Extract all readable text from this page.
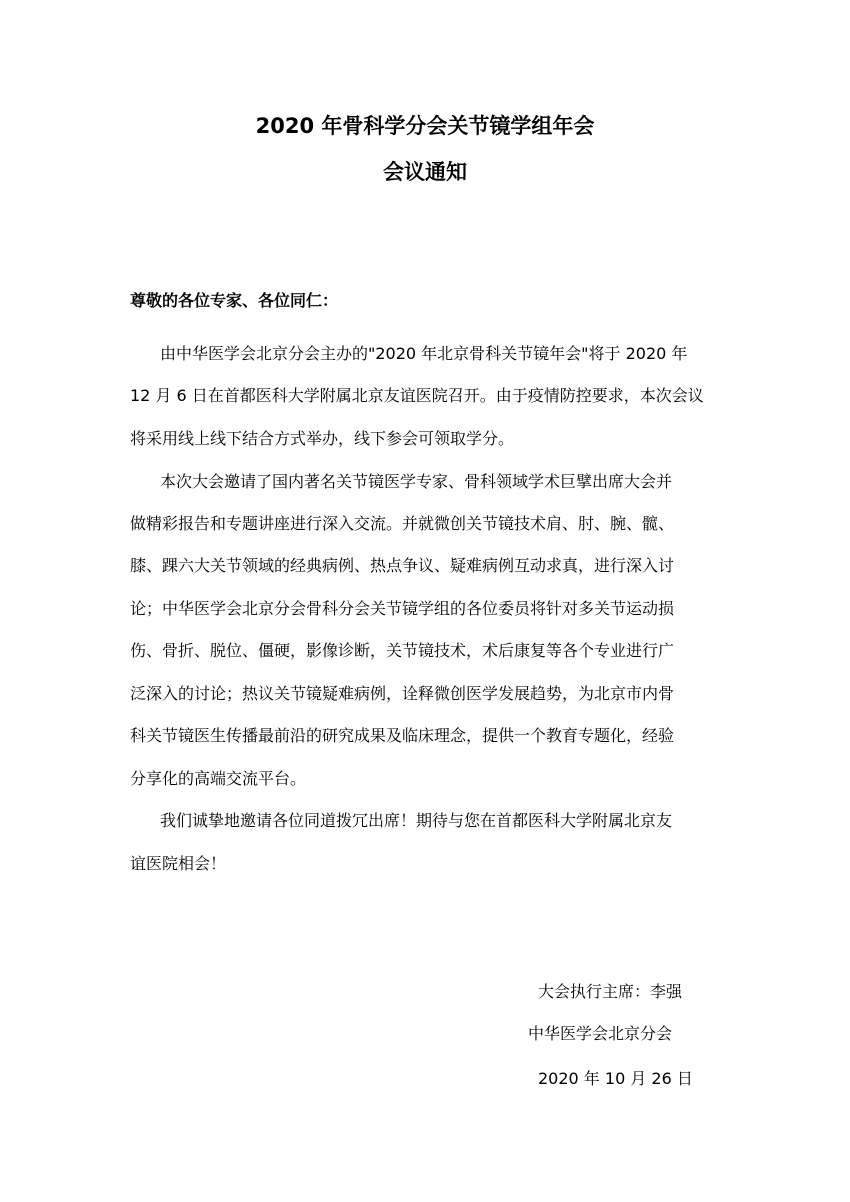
2020 年骨科学分会关节镜学组年会
会议通知
尊敬的各位专家、各位同仁：
由中华医学会北京分会主办的"2020 年北京骨科关节镜年会"将于 2020 年
12 月 6 日在首都医科大学附属北京友谊医院召开。由于疫情防控要求，本次会议
将采用线上线下结合方式举办，线下参会可领取学分。
本次大会邀请了国内著名关节镜医学专家、骨科领域学术巨擘出席大会并
做精彩报告和专题讲座进行深入交流。并就微创关节镜技术肩、肘、腕、髋、
膝、踝六大关节领域的经典病例、热点争议、疑难病例互动求真，进行深入讨
论；中华医学会北京分会骨科分会关节镜学组的各位委员将针对多关节运动损
伤、骨折、脱位、僵硬，影像诊断，关节镜技术，术后康复等各个专业进行广
泛深入的讨论；热议关节镜疑难病例，诠释微创医学发展趋势，为北京市内骨
科关节镜医生传播最前沿的研究成果及临床理念，提供一个教育专题化，经验
分享化的高端交流平台。
我们诚挚地邀请各位同道拨冗出席！期待与您在首都医科大学附属北京友
谊医院相会！
大会执行主席：李强
中华医学会北京分会
2020 年 10 月 26 日
